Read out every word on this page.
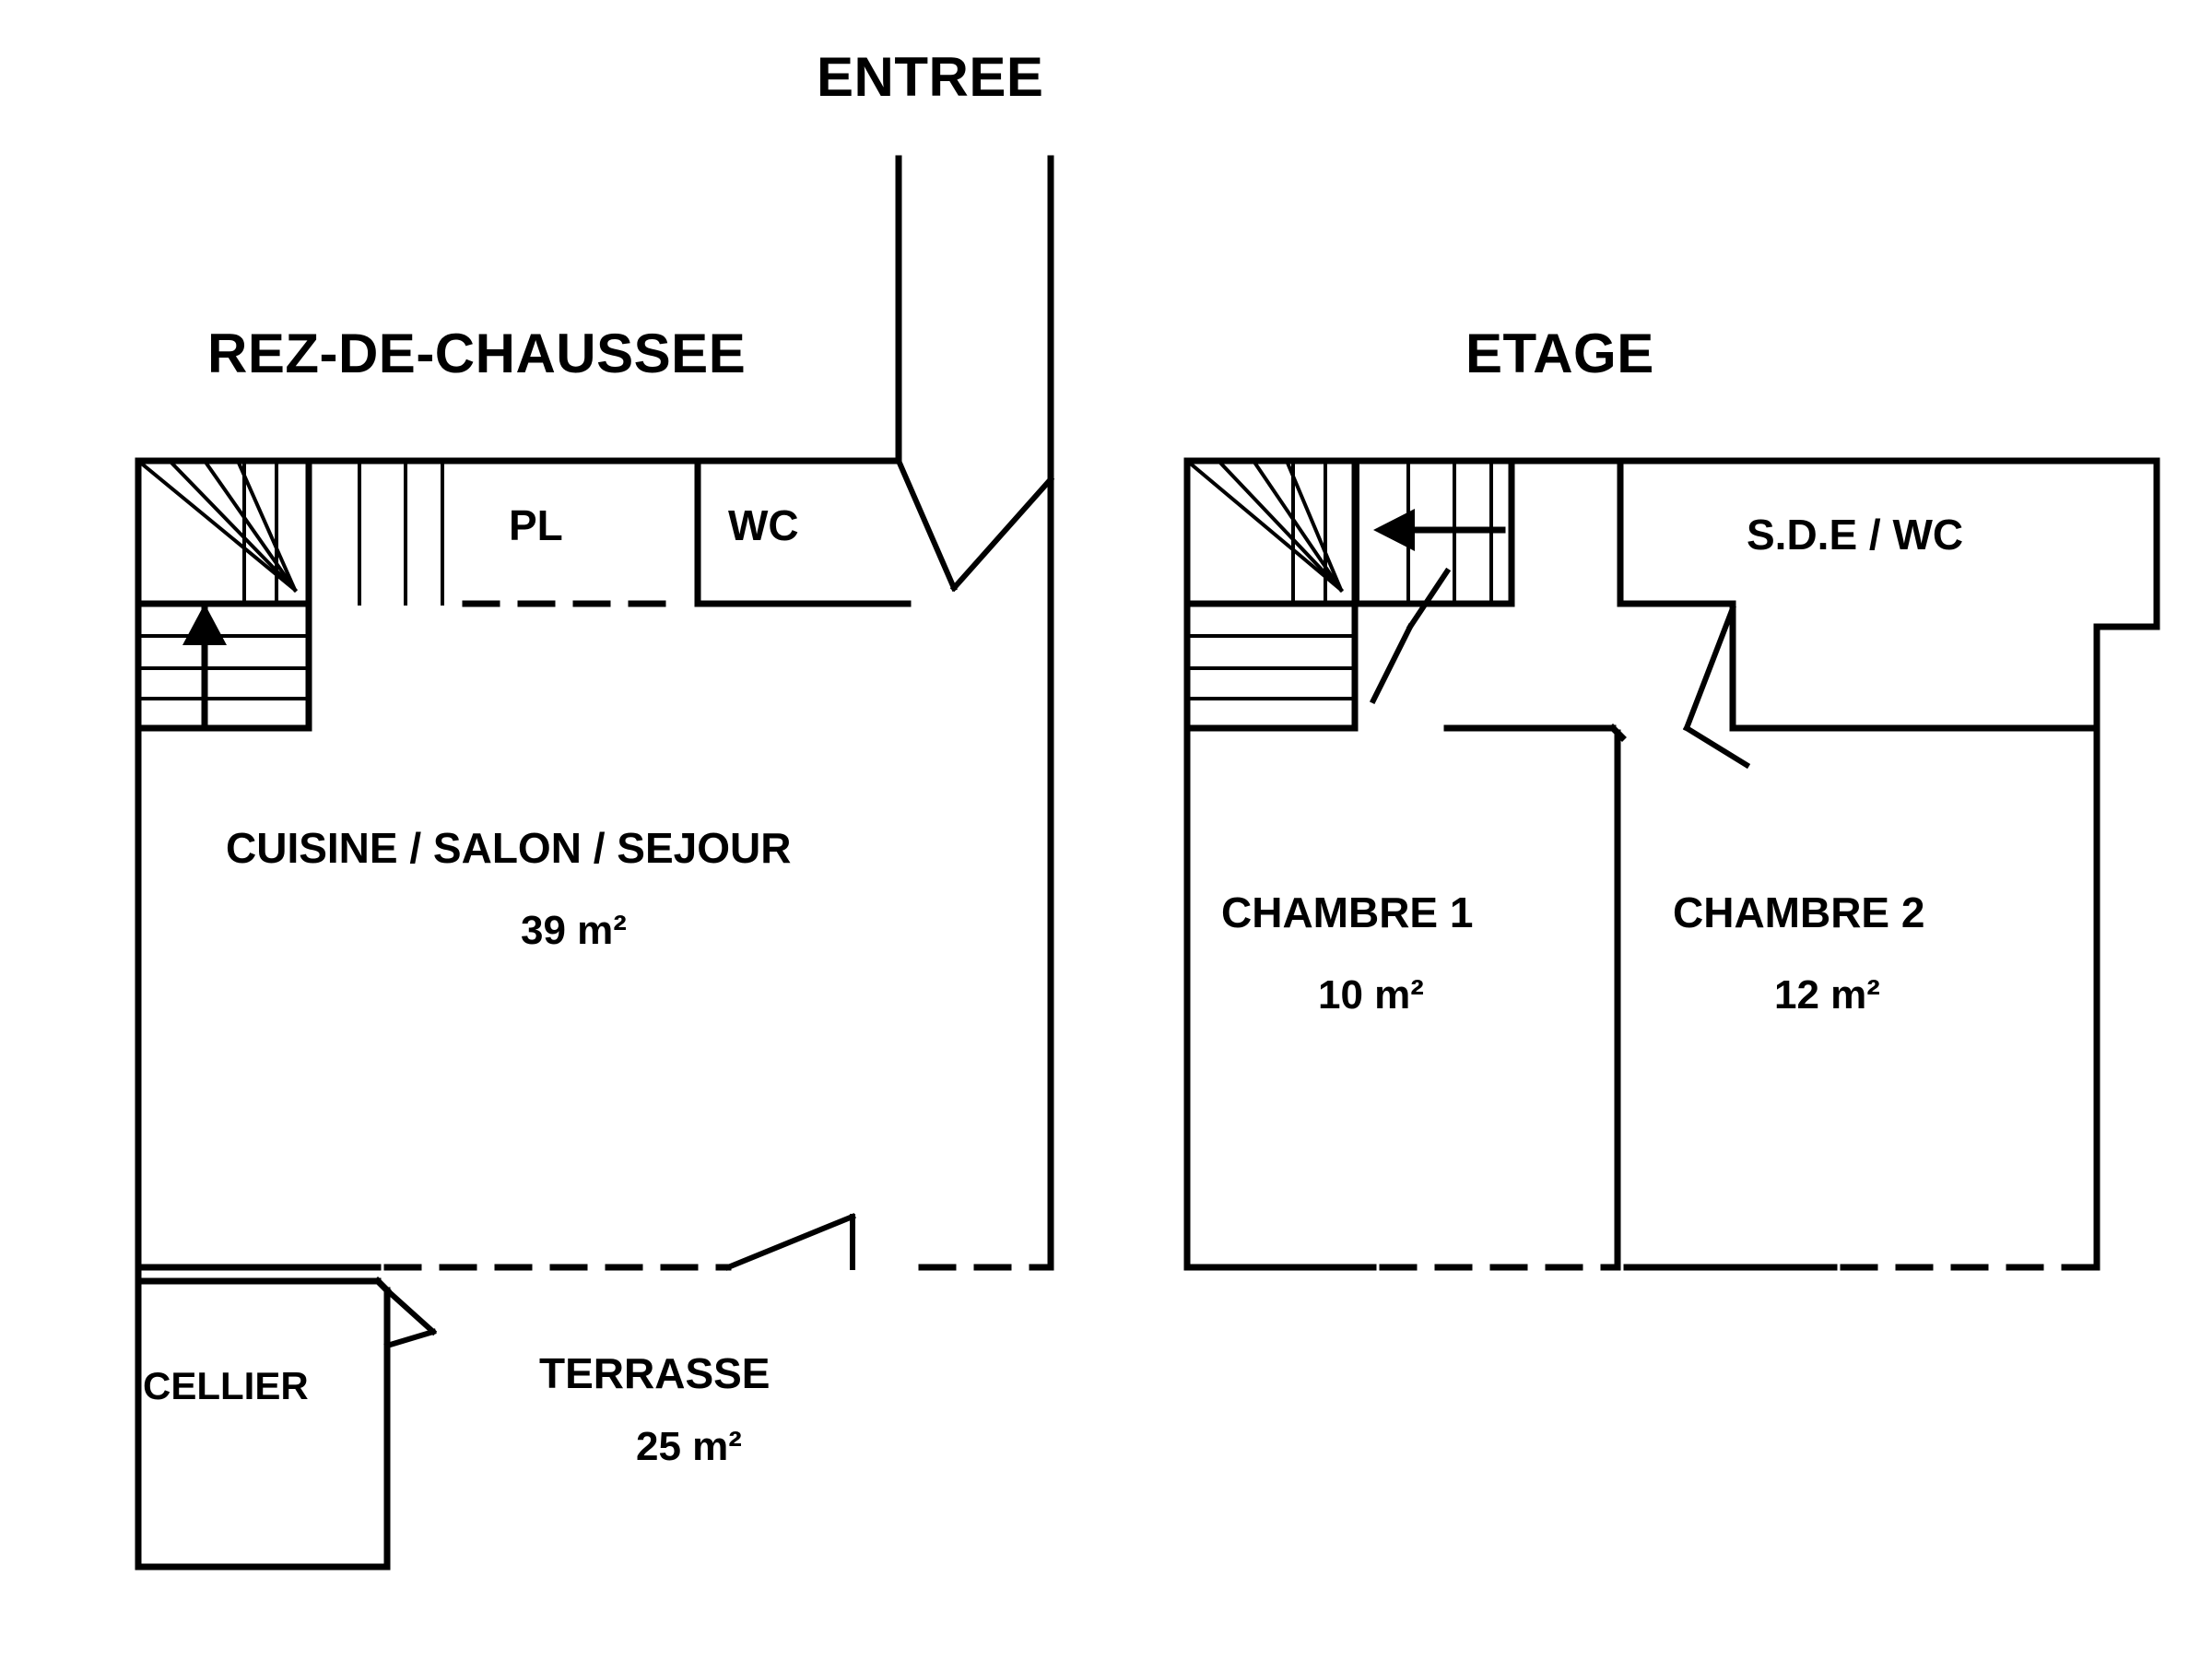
ENTREE
REZ-DE-CHAUSSEE	ETAGE
PL	WC
CUISINE / SALON / SEJOUR
39 m²
CELLIER	TERRASSE
25 m²
S.D.E / WC
CHAMBRE 1
10 m²
CHAMBRE 2
12 m²
